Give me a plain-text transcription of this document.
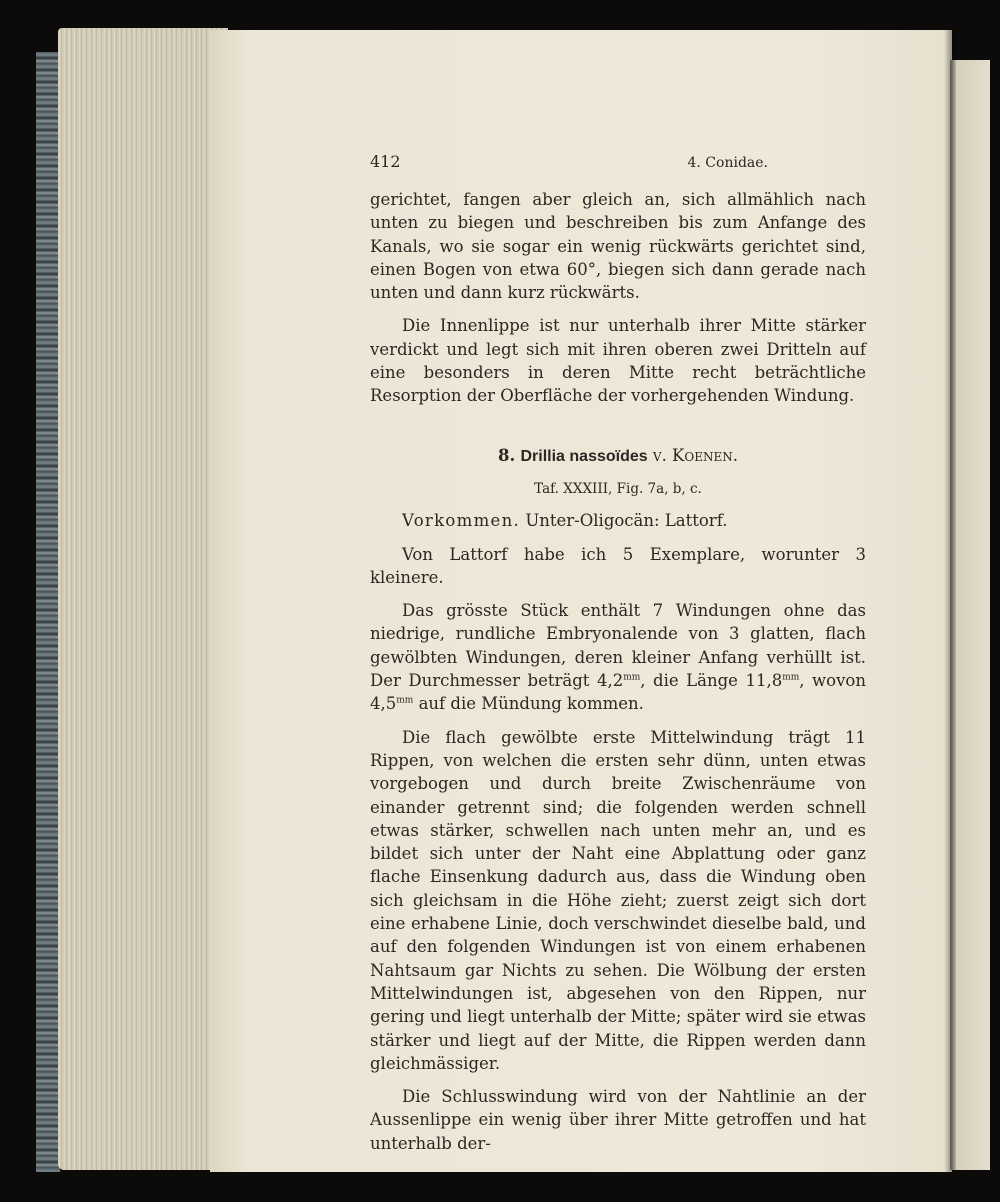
412	4. Conidae.

gerichtet, fangen aber gleich an, sich allmählich nach unten zu biegen und beschreiben bis zum Anfange des Kanals, wo sie sogar ein wenig rückwärts gerichtet sind, einen Bogen von etwa 60°, biegen sich dann gerade nach unten und dann kurz rückwärts.

Die Innenlippe ist nur unterhalb ihrer Mitte stärker verdickt und legt sich mit ihren oberen zwei Dritteln auf eine besonders in deren Mitte recht beträchtliche Resorption der Oberfläche der vorhergehenden Windung.

8. Drillia nassoïdes v. Koenen.
Taf. XXXIII, Fig. 7a, b, c.

Vorkommen. Unter-Oligocän: Lattorf.

Von Lattorf habe ich 5 Exemplare, worunter 3 kleinere.

Das grösste Stück enthält 7 Windungen ohne das niedrige, rundliche Embryonalende von 3 glatten, flach gewölbten Windungen, deren kleiner Anfang verhüllt ist. Der Durchmesser beträgt $4,2^{mm}$, die Länge $11,8^{mm}$, wovon $4,5^{mm}$ auf die Mündung kommen.

Die flach gewölbte erste Mittelwindung trägt 11 Rippen, von welchen die ersten sehr dünn, unten etwas vorgebogen und durch breite Zwischenräume von einander getrennt sind; die folgenden werden schnell etwas stärker, schwellen nach unten mehr an, und es bildet sich unter der Naht eine Abplattung oder ganz flache Einsenkung dadurch aus, dass die Windung oben sich gleichsam in die Höhe zieht; zuerst zeigt sich dort eine erhabene Linie, doch verschwindet dieselbe bald, und auf den folgenden Windungen ist von einem erhabenen Nahtsaum gar Nichts zu sehen. Die Wölbung der ersten Mittelwindungen ist, abgesehen von den Rippen, nur gering und liegt unterhalb der Mitte; später wird sie etwas stärker und liegt auf der Mitte, die Rippen werden dann gleichmässiger.

Die Schlusswindung wird von der Nahtlinie an der Aussenlippe ein wenig über ihrer Mitte getroffen und hat unterhalb der-
